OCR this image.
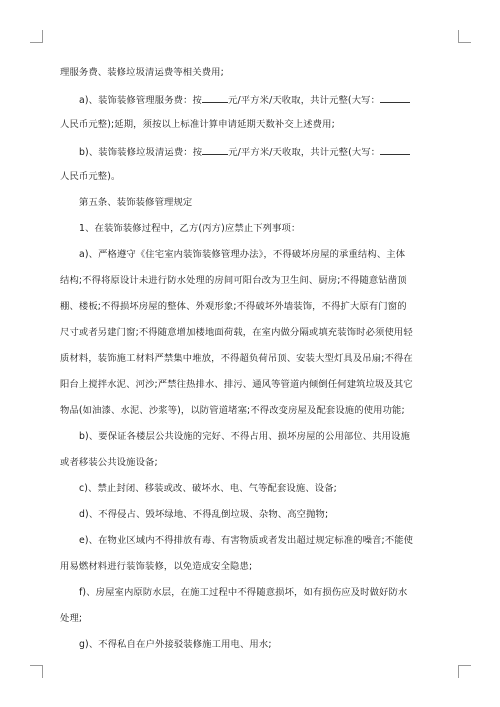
理服务费、装修垃圾清运费等相关费用;
a)、装饰装修管理服务费：按	元/平方米/天收取，共计元整(大写：
人民币元整);延期，须按以上标准计算申请延期天数补交上述费用;
b)、装饰装修垃圾清运费：按	元/平方米/天收取，共计元整(大写：
人民币元整)。
第五条、装饰装修管理规定
1、在装饰装修过程中，乙方(丙方)应禁止下列事项：
a)、严格遵守《住宅室内装饰装修管理办法》，不得破坏房屋的承重结构、主体
结构;不得将原设计未进行防水处理的房间可阳台改为卫生间、厨房;不得随意钻凿顶
棚、楼板;不得损坏房屋的整体、外观形象;不得破坏外墙装饰，不得扩大原有门窗的
尺寸或者另建门窗;不得随意增加楼地面荷载，在室内做分隔或填充装饰时必须使用轻
质材料，装饰施工材料严禁集中堆放，不得超负荷吊顶、安装大型灯具及吊扇;不得在
阳台上搅拌水泥、河沙;严禁往热排水、排污、通风等管道内倾倒任何建筑垃圾及其它
物品(如油漆、水泥、沙浆等)，以防管道堵塞;不得改变房屋及配套设施的使用功能;
b)、要保证各楼层公共设施的完好、不得占用、损坏房屋的公用部位、共用设施
或者移装公共设施设备;
c)、禁止封闭、移装或改、破坏水、电、气等配套设施、设备;
d)、不得侵占、毁坏绿地、不得乱倒垃圾、杂物、高空抛物;
e)、在物业区域内不得排放有毒、有害物质或者发出超过规定标准的噪音;不能使
用易燃材料进行装饰装修，以免造成安全隐患;
f)、房屋室内原防水层，在施工过程中不得随意损坏，如有损伤应及时做好防水
处理;
g)、不得私自在户外接驳装修施工用电、用水;
